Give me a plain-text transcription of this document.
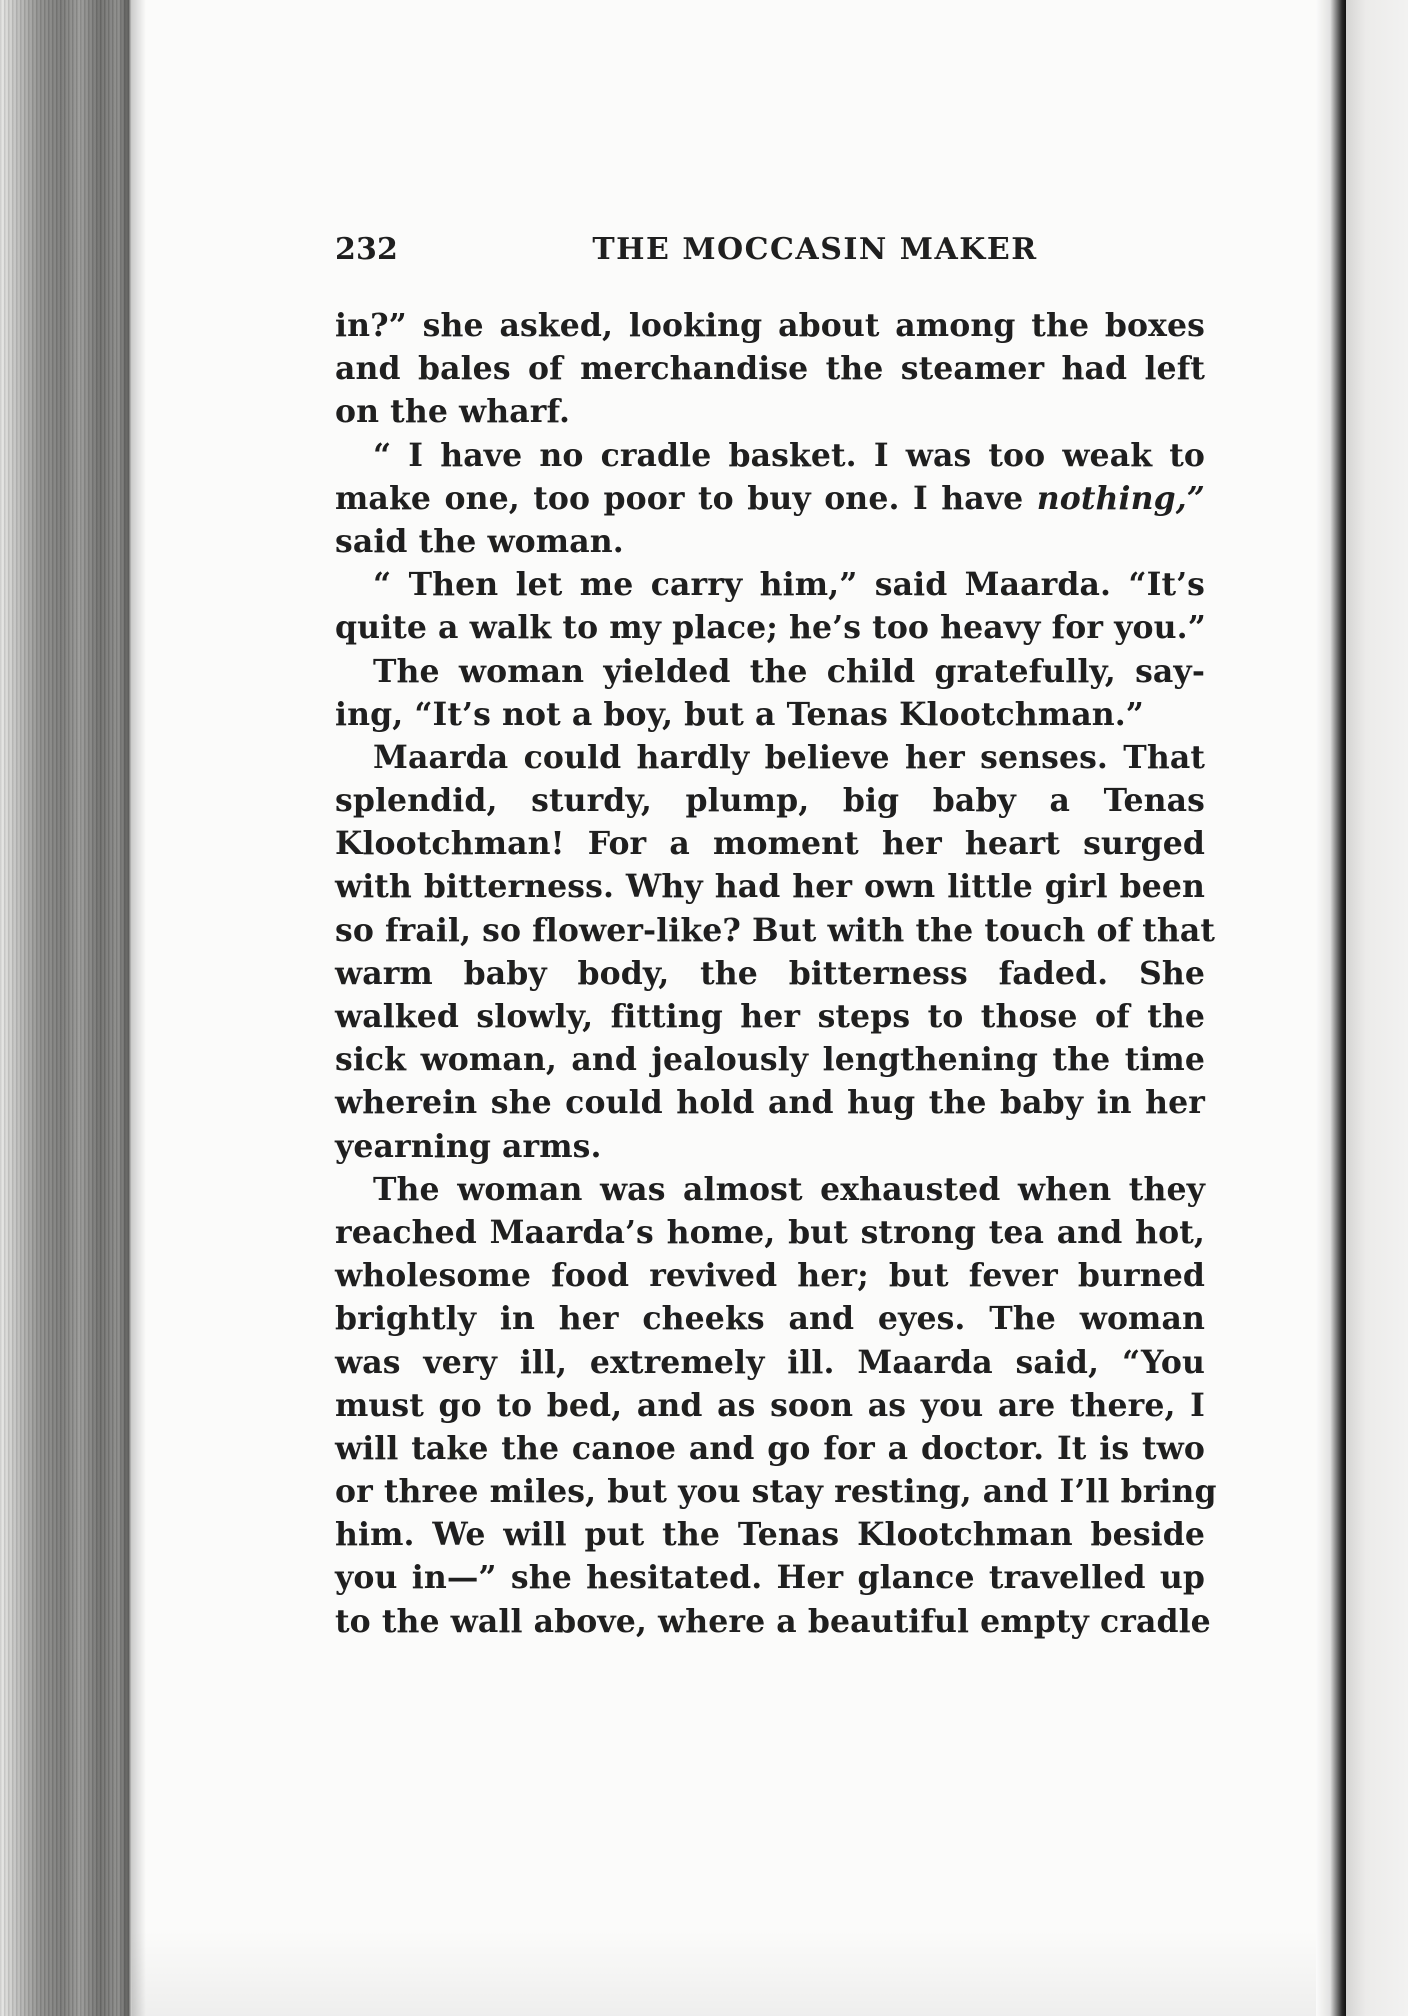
232	THE MOCCASIN MAKER
in?” she asked, looking about among the boxes
and bales of merchandise the steamer had left
on the wharf.
“ I have no cradle basket. I was too weak to
make one, too poor to buy one. I have nothing,”
said the woman.
“ Then let me carry him,” said Maarda. “It’s
quite a walk to my place; he’s too heavy for you.”
The woman yielded the child gratefully, say-
ing, “It’s not a boy, but a Tenas Klootchman.”
Maarda could hardly believe her senses. That
splendid, sturdy, plump, big baby a Tenas
Klootchman! For a moment her heart surged
with bitterness. Why had her own little girl been
so frail, so flower-like? But with the touch of that
warm baby body, the bitterness faded. She
walked slowly, fitting her steps to those of the
sick woman, and jealously lengthening the time
wherein she could hold and hug the baby in her
yearning arms.
The woman was almost exhausted when they
reached Maarda’s home, but strong tea and hot,
wholesome food revived her; but fever burned
brightly in her cheeks and eyes. The woman
was very ill, extremely ill. Maarda said, “You
must go to bed, and as soon as you are there, I
will take the canoe and go for a doctor. It is two
or three miles, but you stay resting, and I’ll bring
him. We will put the Tenas Klootchman beside
you in—” she hesitated. Her glance travelled up
to the wall above, where a beautiful empty cradle
